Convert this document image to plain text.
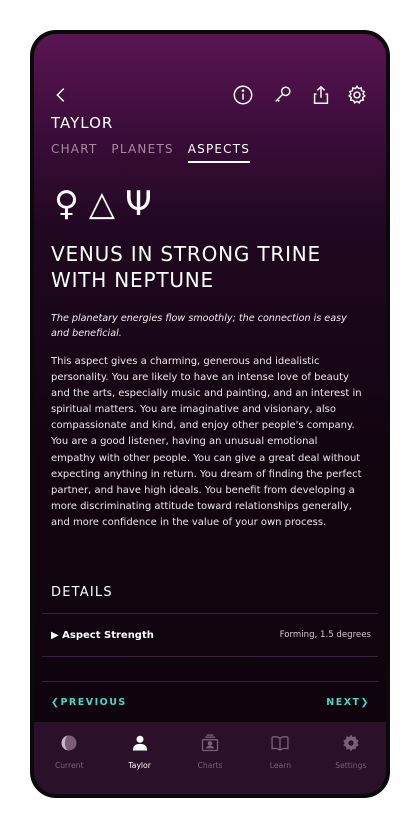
TAYLOR
CHART PLANETS ASPECTS
♀ △ Ψ
VENUS IN STRONG TRINE WITH NEPTUNE
The planetary energies flow smoothly; the connection is easy and beneficial.
This aspect gives a charming, generous and idealistic personality. You are likely to have an intense love of beauty and the arts, especially music and painting, and an interest in spiritual matters. You are imaginative and visionary, also compassionate and kind, and enjoy other people's company. You are a good listener, having an unusual emotional empathy with other people. You can give a great deal without expecting anything in return. You dream of finding the perfect partner, and have high ideals. You benefit from developing a more discriminating attitude toward relationships generally, and more confidence in the value of your own process.
DETAILS
▶ Aspect Strength	Forming, 1.5 degrees
❮PREVIOUS	NEXT❯
Current	Taylor	Charts	Learn	Settings
